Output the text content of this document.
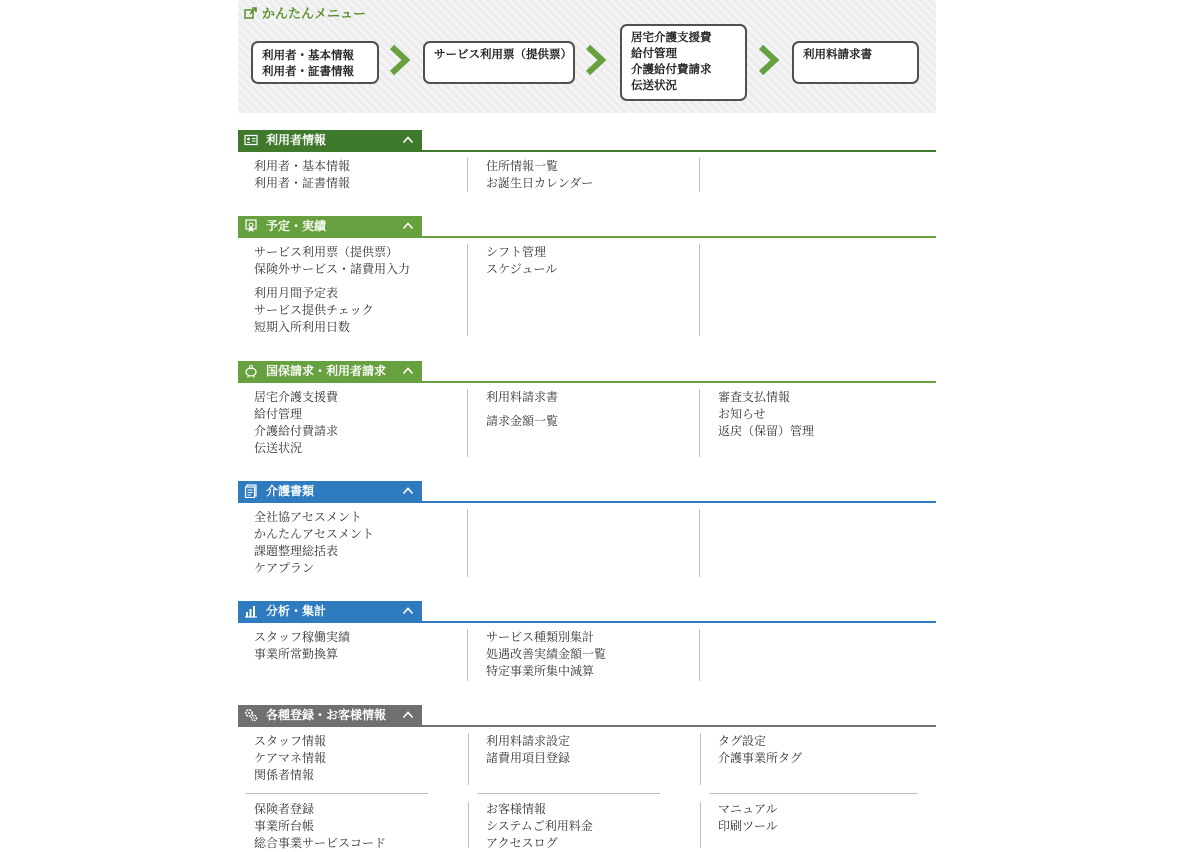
かんたんメニュー
利用者・基本情報
利用者・証書情報
サービス利用票（提供票）
居宅介護支援費
給付管理
介護給付費請求
伝送状況
利用料請求書
利用者情報
利用者・基本情報
利用者・証書情報
住所情報一覧
お誕生日カレンダー
予定・実績
サービス利用票（提供票）
保険外サービス・諸費用入力
利用月間予定表
サービス提供チェック
短期入所利用日数
シフト管理
スケジュール
国保請求・利用者請求
居宅介護支援費
給付管理
介護給付費請求
伝送状況
利用料請求書
請求金額一覧
審査支払情報
お知らせ
返戻（保留）管理
介護書類
全社協アセスメント
かんたんアセスメント
課題整理総括表
ケアプラン
分析・集計
スタッフ稼働実績
事業所常勤換算
サービス種類別集計
処遇改善実績金額一覧
特定事業所集中減算
各種登録・お客様情報
スタッフ情報
ケアマネ情報
関係者情報
保険者登録
事業所台帳
総合事業サービスコード
利用料請求設定
諸費用項目登録
お客様情報
システムご利用料金
アクセスログ
タグ設定
介護事業所タグ
マニュアル
印刷ツール
